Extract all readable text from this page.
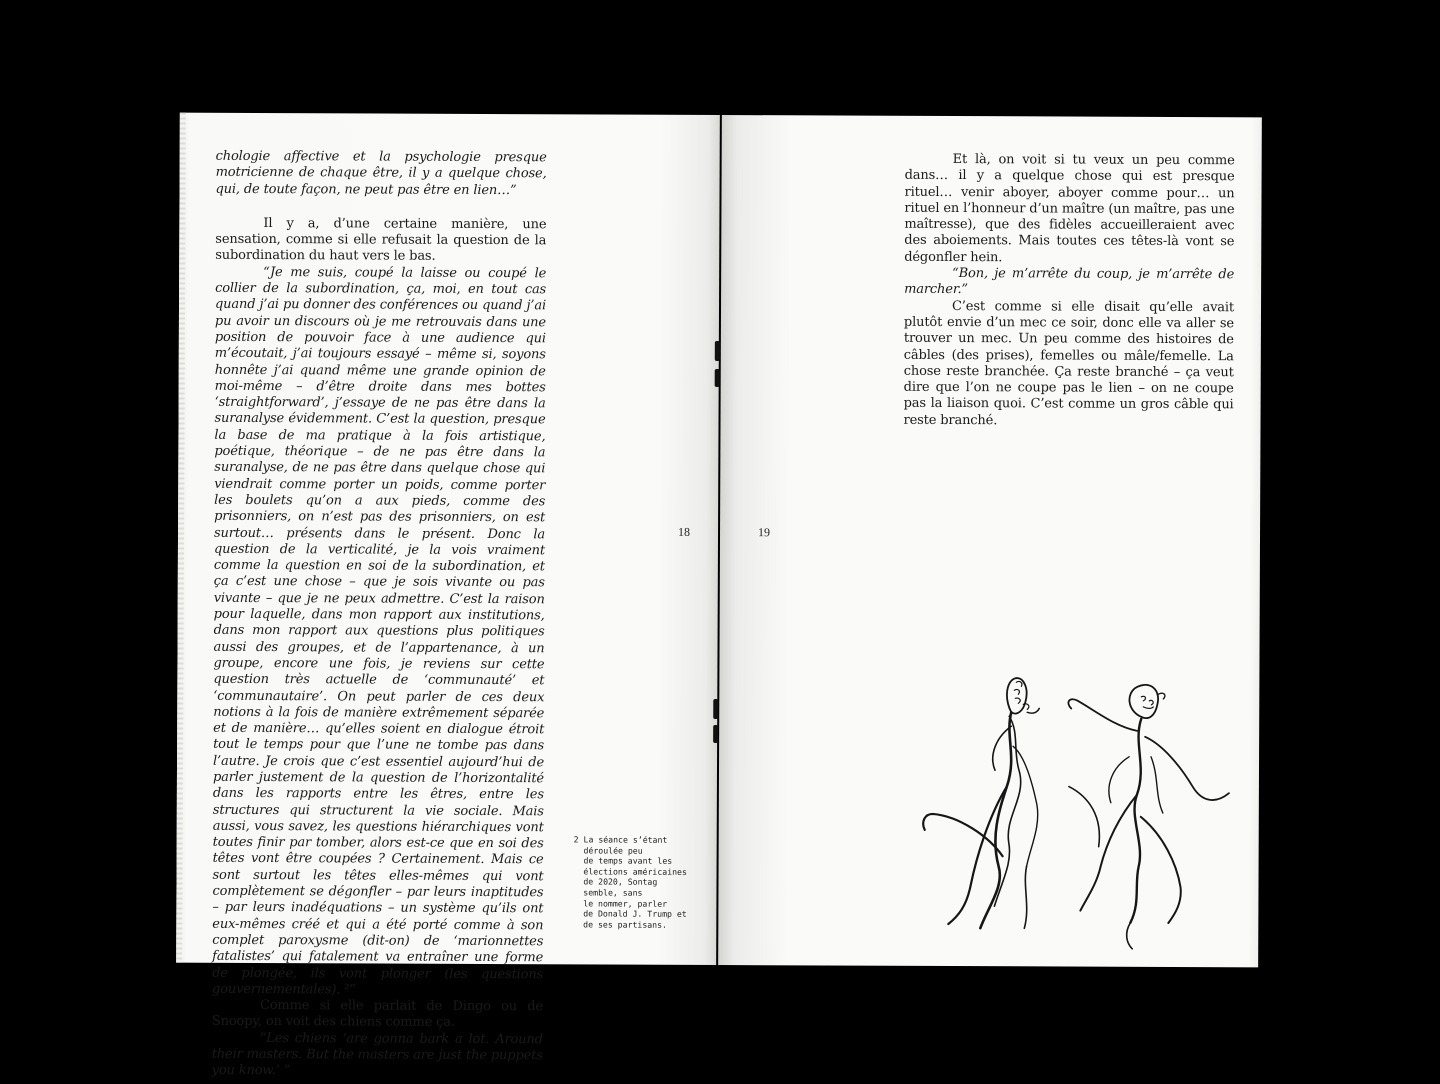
chologie affective et la psychologie presque motricienne de chaque être, il y a quelque chose, qui, de toute façon, ne peut pas être en lien…”

Il y a, d’une certaine manière, une sensation, comme si elle refusait la question de la subordination du haut vers le bas.

“Je me suis, coupé la laisse ou coupé le collier de la subordination, ça, moi, en tout cas quand j’ai pu donner des conférences ou quand j’ai pu avoir un discours où je me retrouvais dans une position de pouvoir face à une audience qui m’écoutait, j’ai toujours essayé – même si, soyons honnête j’ai quand même une grande opinion de moi-même – d’être droite dans mes bottes ‘straightforward’, j’essaye de ne pas être dans la suranalyse évidemment. C’est la question, presque la base de ma pratique à la fois artistique, poétique, théorique – de ne pas être dans la suranalyse, de ne pas être dans quelque chose qui viendrait comme porter un poids, comme porter les boulets qu’on a aux pieds, comme des prisonniers, on n’est pas des prisonniers, on est surtout… présents dans le présent. Donc la question de la verticalité, je la vois vraiment comme la question en soi de la subordination, et ça c’est une chose – que je sois vivante ou pas vivante – que je ne peux admettre. C’est la raison pour laquelle, dans mon rapport aux institutions, dans mon rapport aux questions plus politiques aussi des groupes, et de l’appartenance, à un groupe, encore une fois, je reviens sur cette question très actuelle de ‘communauté’ et ‘communautaire’. On peut parler de ces deux notions à la fois de manière extrêmement séparée et de manière… qu’elles soient en dialogue étroit tout le temps pour que l’une ne tombe pas dans l’autre. Je crois que c’est essentiel aujourd’hui de parler justement de la question de l’horizontalité dans les rapports entre les êtres, entre les structures qui structurent la vie sociale. Mais aussi, vous savez, les questions hiérarchiques vont toutes finir par tomber, alors est-ce que en soi des têtes vont être coupées ? Certainement. Mais ce sont surtout les têtes elles-mêmes qui vont complètement se dégonfler – par leurs inaptitudes – par leurs inadéquations – un système qu’ils ont eux-mêmes créé et qui a été porté comme à son complet paroxysme (dit-on) de ‘marionnettes fatalistes’ qui fatalement va entraîner une forme de plongée, ils vont plonger (les questions gouvernementales). ²”

Comme si elle parlait de Dingo ou de Snoopy, on voit des chiens comme ça.

“Les chiens ‘are gonna bark a lot. Around their masters. But the masters are just the puppets you know.’ ”

18
2 La séance s’étant
déroulée peu
de temps avant les
élections américaines
de 2020, Sontag
semble, sans
le nommer, parler
de Donald J. Trump et
de ses partisans.
19

Et là, on voit si tu veux un peu comme dans… il y a quelque chose qui est presque rituel… venir aboyer, aboyer comme pour… un rituel en l’honneur d’un maître (un maître, pas une maîtresse), que des fidèles accueilleraient avec des aboiements. Mais toutes ces têtes-là vont se dégonfler hein.

“Bon, je m’arrête du coup, je m’arrête de marcher.”

C’est comme si elle disait qu’elle avait plutôt envie d’un mec ce soir, donc elle va aller se trouver un mec. Un peu comme des histoires de câbles (des prises), femelles ou mâle/femelle. La chose reste branchée. Ça reste branché – ça veut dire que l’on ne coupe pas le lien – on ne coupe pas la liaison quoi. C’est comme un gros câble qui reste branché.
